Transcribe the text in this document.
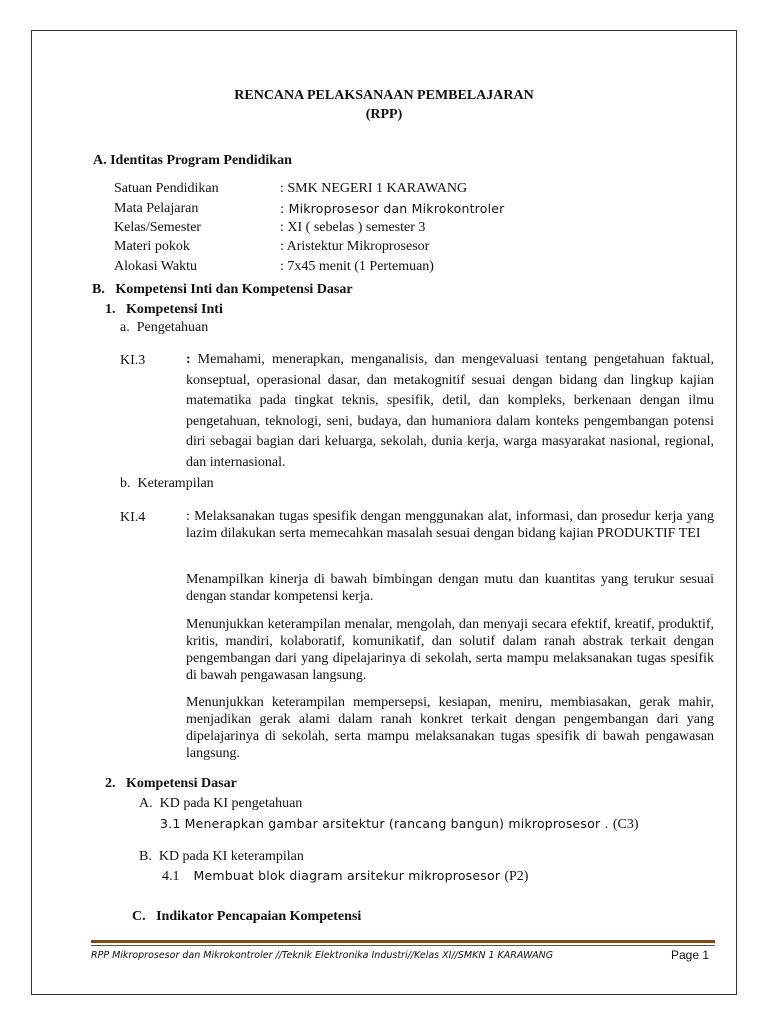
RENCANA PELAKSANAAN PEMBELAJARAN
(RPP)
A. Identitas Program Pendidikan
Satuan Pendidikan	: SMK NEGERI 1 KARAWANG
Mata Pelajaran	: Mikroprosesor dan Mikrokontroler
Kelas/Semester	: XI ( sebelas ) semester 3
Materi pokok	: Aristektur Mikroprosesor
Alokasi Waktu	: 7x45 menit (1 Pertemuan)
B.   Kompetensi Inti dan Kompetensi Dasar
1.   Kompetensi Inti
a.  Pengetahuan
KI.3	: Memahami, menerapkan, menganalisis, dan mengevaluasi tentang pengetahuan faktual, konseptual, operasional dasar, dan metakognitif sesuai dengan bidang dan lingkup kajian matematika pada tingkat teknis, spesifik, detil, dan kompleks, berkenaan dengan ilmu pengetahuan, teknologi, seni, budaya, dan humaniora dalam konteks pengembangan potensi diri sebagai bagian dari keluarga, sekolah, dunia kerja, warga masyarakat nasional, regional, dan internasional.
b.  Keterampilan
KI.4	: Melaksanakan tugas spesifik dengan menggunakan alat, informasi, dan prosedur kerja yang lazim dilakukan serta memecahkan masalah sesuai dengan bidang kajian PRODUKTIF TEI
Menampilkan kinerja di bawah bimbingan dengan mutu dan kuantitas yang terukur sesuai dengan standar kompetensi kerja.
Menunjukkan keterampilan menalar, mengolah, dan menyaji secara efektif, kreatif, produktif, kritis, mandiri, kolaboratif, komunikatif, dan solutif dalam ranah abstrak terkait dengan pengembangan dari yang dipelajarinya di sekolah, serta mampu melaksanakan tugas spesifik di bawah pengawasan langsung.
Menunjukkan keterampilan mempersepsi, kesiapan, meniru, membiasakan, gerak mahir, menjadikan gerak alami dalam ranah konkret terkait dengan pengembangan dari yang dipelajarinya di sekolah, serta mampu melaksanakan tugas spesifik di bawah pengawasan langsung.
2.   Kompetensi Dasar
A.  KD pada KI pengetahuan
3.1 Menerapkan gambar arsitektur (rancang bangun) mikroprosesor . (C3)
B.  KD pada KI keterampilan
4.1 Membuat blok diagram arsitekur mikroprosesor (P2)
C.   Indikator Pencapaian Kompetensi
RPP Mikroprosesor dan Mikrokontroler //Teknik Elektronika Industri//Kelas XI//SMKN 1 KARAWANG	Page 1
